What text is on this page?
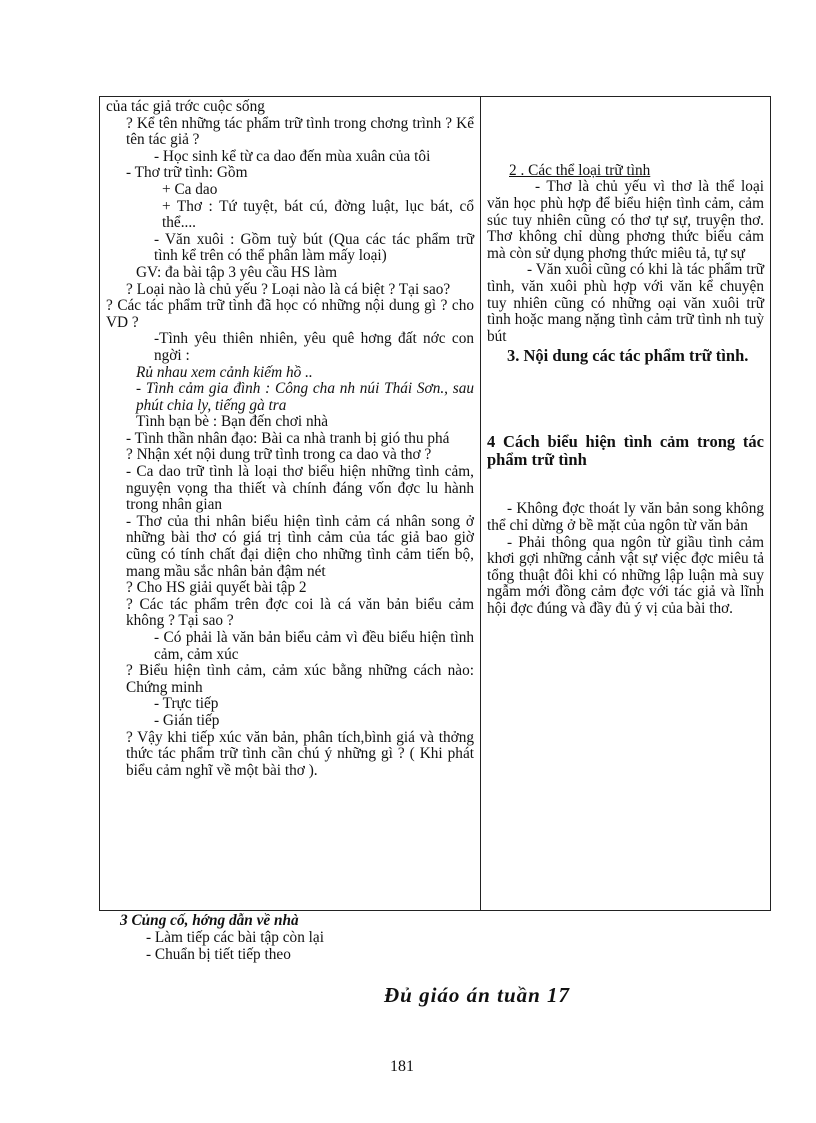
của tác giả trớc cuộc sống
? Kể tên những tác phẩm trữ tình trong chơng trình ? Kể tên tác giả ?
- Học sinh kể từ ca dao đến mùa xuân của tôi
- Thơ trữ tình: Gồm
+ Ca dao
+ Thơ : Tứ tuyệt, bát cú, đờng luật, lục bát, cổ thể....
- Văn xuôi : Gồm tuỳ bút (Qua các tác phẩm trữ tình kể trên có thể phân làm mấy loại)
GV: đa bài tập 3 yêu cầu HS làm
? Loại nào là chủ yếu ? Loại nào là cá biệt ? Tại sao?
? Các tác phẩm trữ tình đã học có những nội dung gì ? cho VD ?
-Tình yêu thiên nhiên, yêu quê hơng đất nớc con ngời :
Rủ nhau xem cảnh kiếm hồ ..
- Tình cảm gia đình : Công cha nh núi Thái Sơn., sau phút chia ly, tiếng gà tra
Tình bạn bè : Bạn đến chơi nhà
- Tình thần nhân đạo: Bài ca nhà tranh bị gió thu phá
? Nhận xét nội dung trữ tình trong ca dao và thơ ?
- Ca dao trữ tình là loại thơ biểu hiện những tình cảm, nguyện vọng tha thiết và chính đáng vốn đợc lu hành trong nhân gian
- Thơ của thi nhân biểu hiện tình cảm cá nhân song ở những bài thơ có giá trị tình cảm của tác giả bao giờ cũng có tính chất đại diện cho những tình cảm tiến bộ, mang mầu sắc nhân bản đậm nét
? Cho HS giải quyết bài tập 2
? Các tác phẩm trên đợc coi là cá văn bản biểu cảm không ? Tại sao ?
- Có phải là văn bản biểu cảm vì đều biểu hiện tình cảm, cảm xúc
? Biểu hiện tình cảm, cảm xúc bằng những cách nào: Chứng minh
- Trực tiếp
- Gián tiếp
? Vậy khi tiếp xúc văn bản, phân tích,bình giá và thởng thức tác phẩm trữ tình cần chú ý những gì ? ( Khi phát biểu cảm nghĩ về một bài thơ ).

2 . Các thể loại trữ tình
- Thơ là chủ yếu vì thơ là thể loại văn học phù hợp để biểu hiện tình cảm, cảm súc tuy nhiên cũng có thơ tự sự, truyện thơ. Thơ không chỉ dùng phơng thức biểu cảm mà còn sử dụng phơng thức miêu tả, tự sự
- Văn xuôi cũng có khi là tác phẩm trữ tình, văn xuôi phù hợp với văn kể chuyện tuy nhiên cũng có những oại văn xuôi trữ tình hoặc mang nặng tình cảm trữ tình nh tuỳ bút
3. Nội dung các tác phẩm trữ tình.
4 Cách biểu hiện tình cảm trong tác phẩm trữ tình
- Không đợc thoát ly văn bản song không thể chỉ dừng ở bề mặt của ngôn từ văn bản
- Phải thông qua ngôn từ giầu tình cảm khơi gợi những cảnh vật sự việc đợc miêu tả tổng thuật đôi khi có những lập luận mà suy ngẫm mới đồng cảm đợc với tác giả và lĩnh hội đợc đúng và đầy đủ ý vị của bài thơ.
3 Củng cố, hớng dẫn về nhà
- Làm tiếp các bài tập còn lại
- Chuẩn bị tiết tiếp theo
Đủ giáo án tuần 17
181
